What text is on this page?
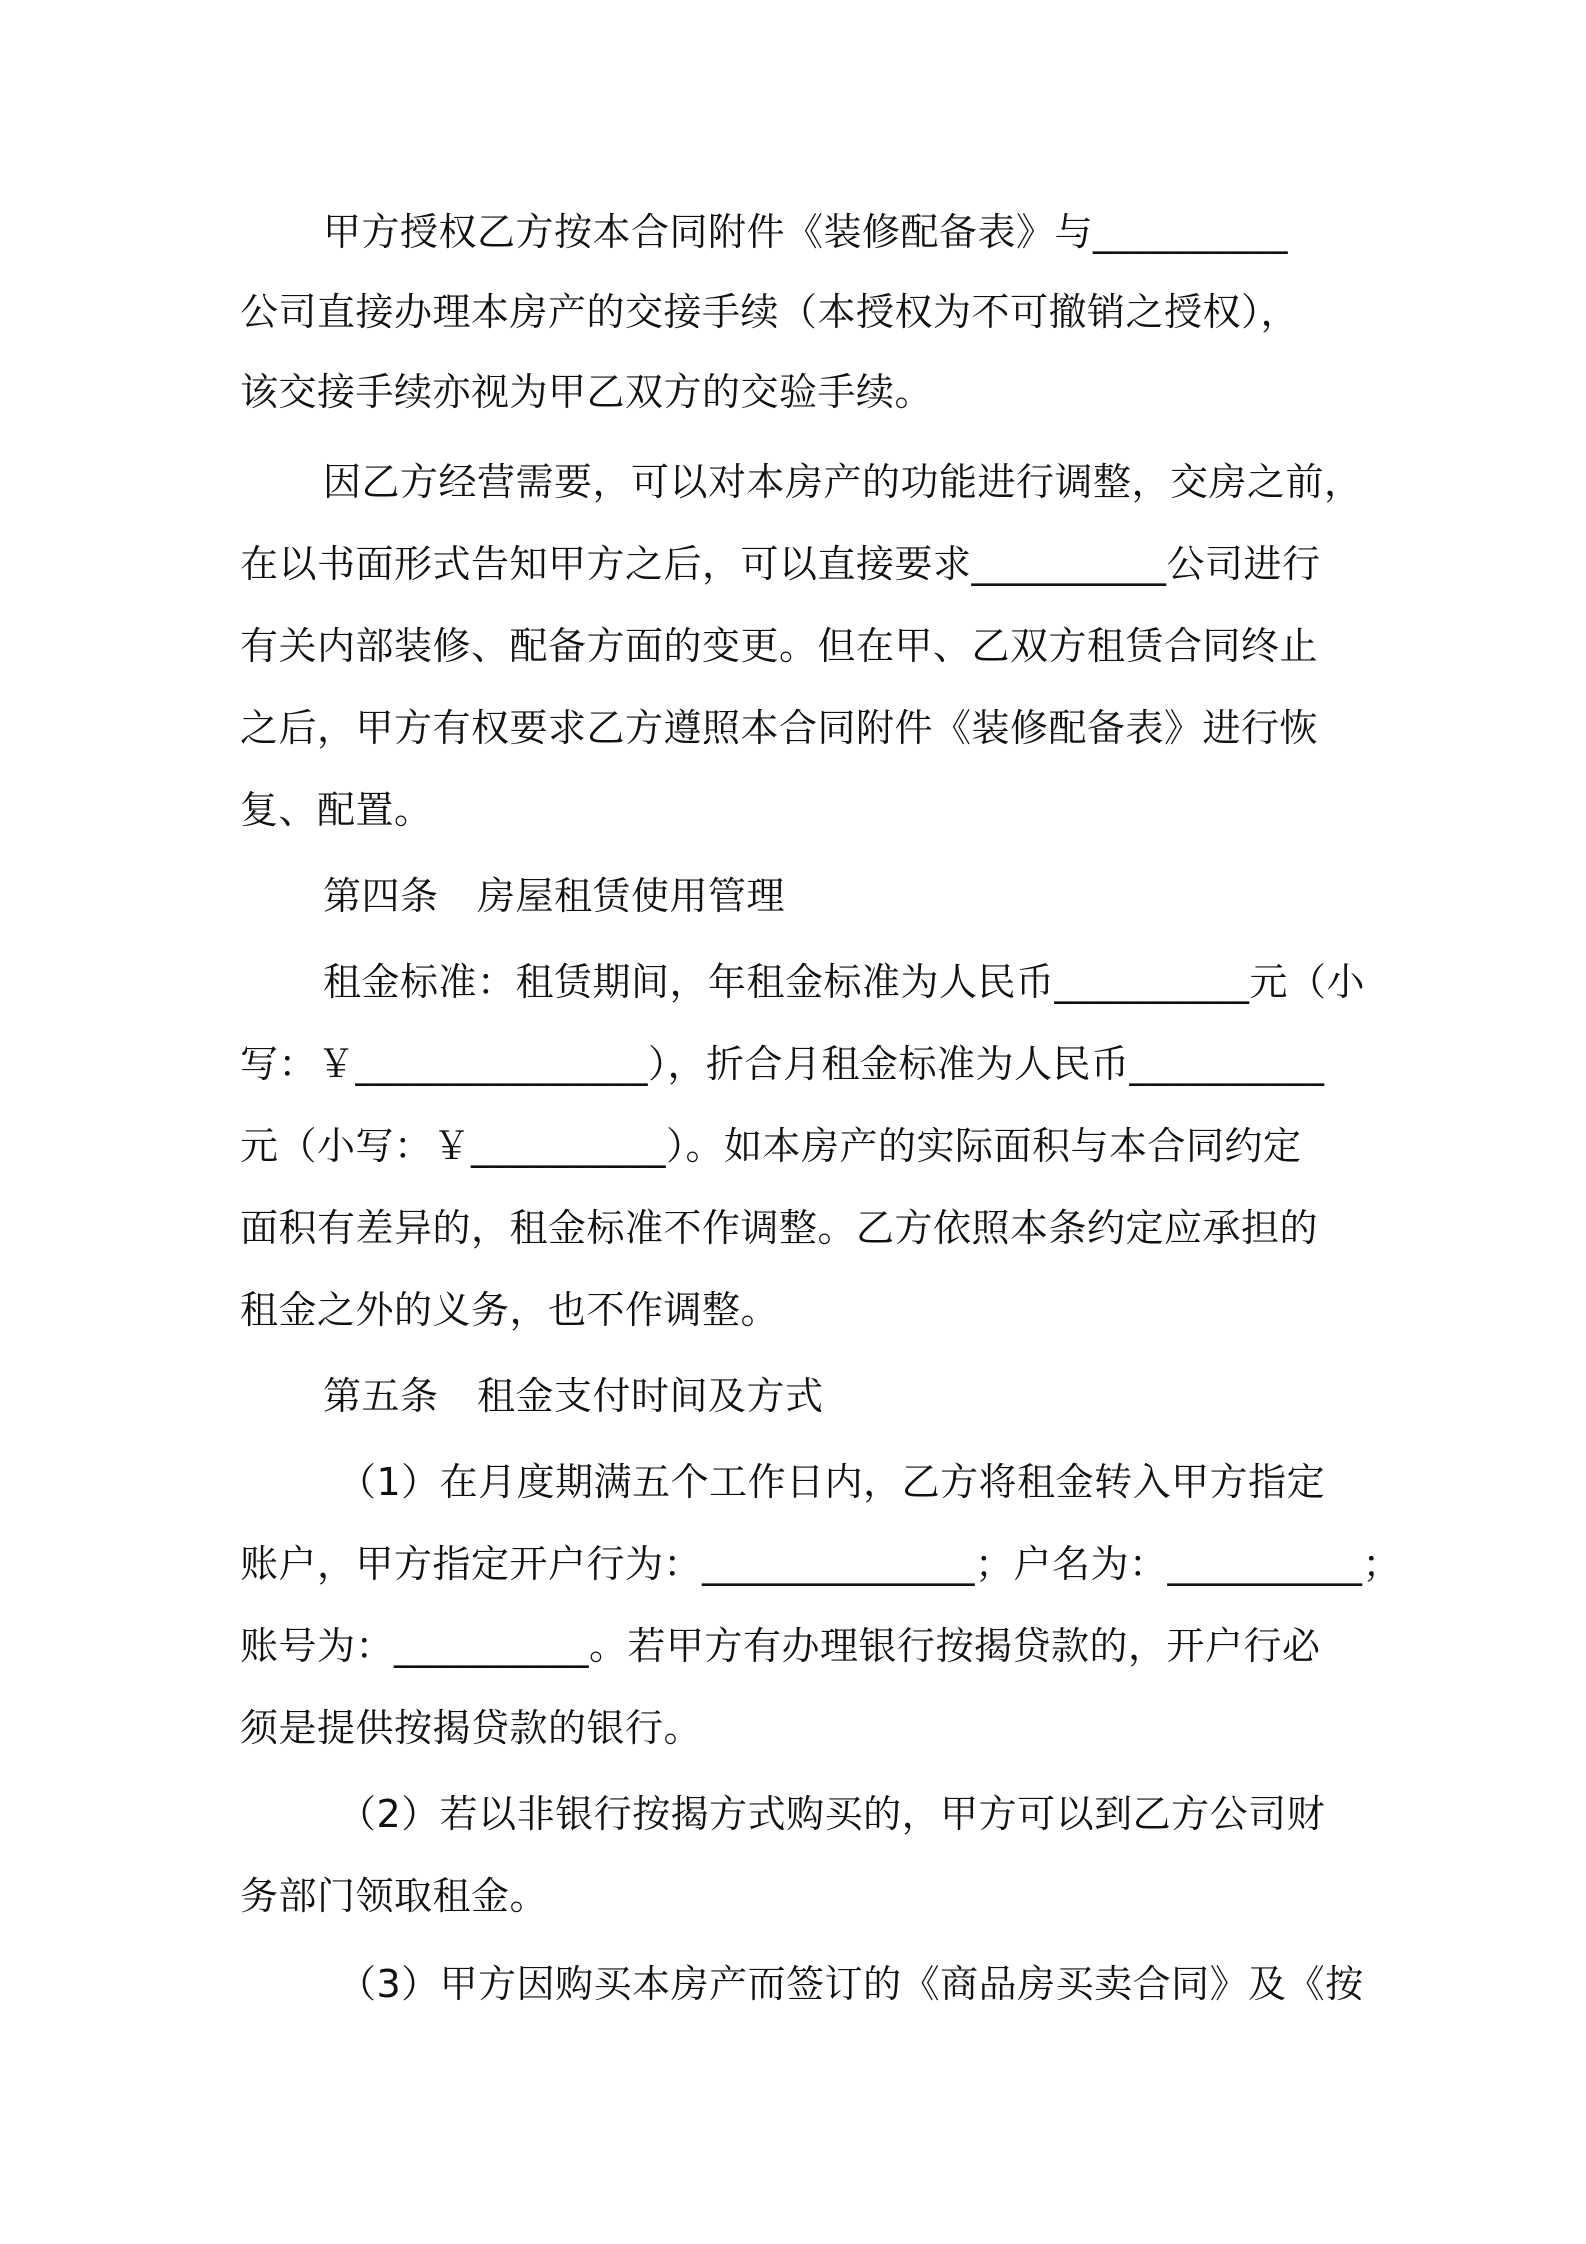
甲方授权乙方按本合同附件《装修配备表》与__________
公司直接办理本房产的交接手续（本授权为不可撤销之授权），
该交接手续亦视为甲乙双方的交验手续。
因乙方经营需要，可以对本房产的功能进行调整，交房之前，
在以书面形式告知甲方之后，可以直接要求__________公司进行
有关内部装修、配备方面的变更。但在甲、乙双方租赁合同终止
之后，甲方有权要求乙方遵照本合同附件《装修配备表》进行恢
复、配置。
第四条　房屋租赁使用管理
租金标准：租赁期间，年租金标准为人民币__________元（小
写：￥_______________），折合月租金标准为人民币__________
元（小写：￥__________）。如本房产的实际面积与本合同约定
面积有差异的，租金标准不作调整。乙方依照本条约定应承担的
租金之外的义务，也不作调整。
第五条　租金支付时间及方式
（1）在月度期满五个工作日内，乙方将租金转入甲方指定
账户，甲方指定开户行为：______________；户名为：__________；
账号为：__________。若甲方有办理银行按揭贷款的，开户行必
须是提供按揭贷款的银行。
（2）若以非银行按揭方式购买的，甲方可以到乙方公司财
务部门领取租金。
（3）甲方因购买本房产而签订的《商品房买卖合同》及《按
